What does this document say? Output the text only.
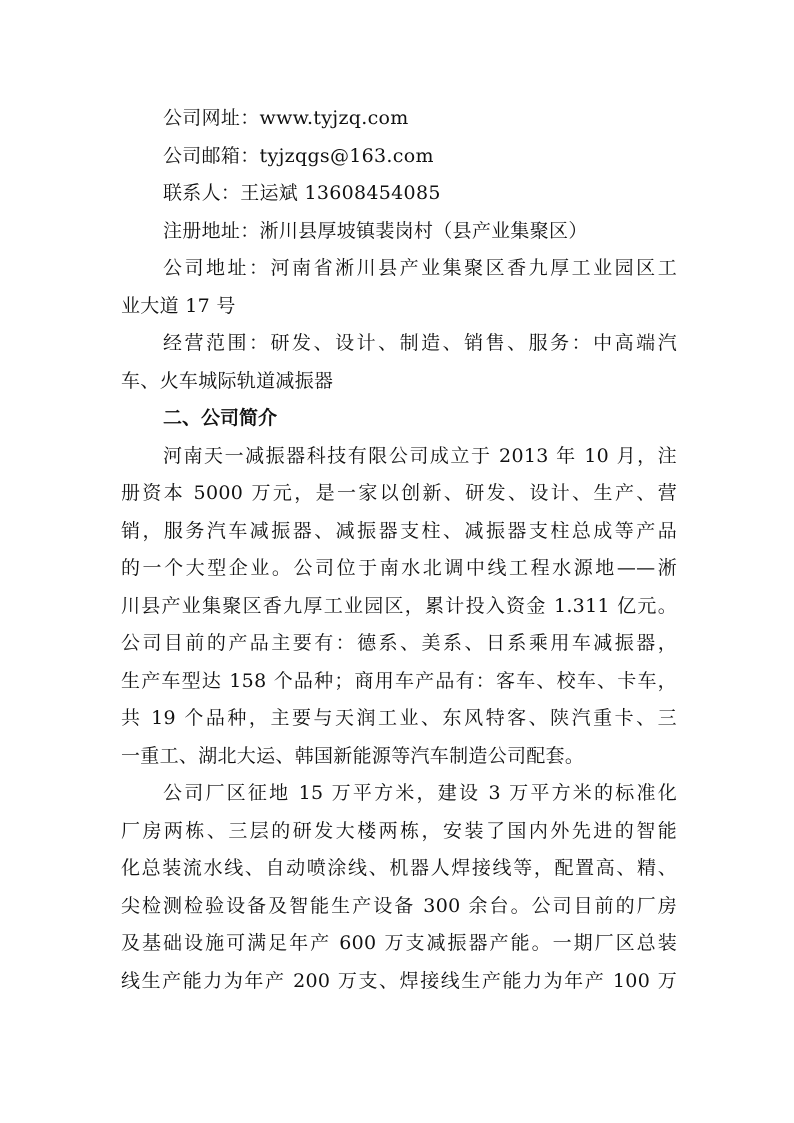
公司网址：www.tyjzq.com
公司邮箱：tyjzqgs@163.com
联系人：王运斌 13608454085
注册地址：淅川县厚坡镇裴岗村（县产业集聚区）
公司地址：河南省淅川县产业集聚区香九厚工业园区工
业大道 17 号
经营范围：研发、设计、制造、销售、服务：中高端汽
车、火车城际轨道减振器
二、公司简介
河南天一减振器科技有限公司成立于 2013 年 10 月，注
册资本 5000 万元，是一家以创新、研发、设计、生产、营
销，服务汽车减振器、减振器支柱、减振器支柱总成等产品
的一个大型企业。公司位于南水北调中线工程水源地——淅
川县产业集聚区香九厚工业园区，累计投入资金 1.311 亿元。
公司目前的产品主要有：德系、美系、日系乘用车减振器，
生产车型达 158 个品种；商用车产品有：客车、校车、卡车，
共 19 个品种，主要与天润工业、东风特客、陕汽重卡、三
一重工、湖北大运、韩国新能源等汽车制造公司配套。
公司厂区征地 15 万平方米，建设 3 万平方米的标准化
厂房两栋、三层的研发大楼两栋，安装了国内外先进的智能
化总装流水线、自动喷涂线、机器人焊接线等，配置高、精、
尖检测检验设备及智能生产设备 300 余台。公司目前的厂房
及基础设施可满足年产 600 万支减振器产能。一期厂区总装
线生产能力为年产 200 万支、焊接线生产能力为年产 100 万
